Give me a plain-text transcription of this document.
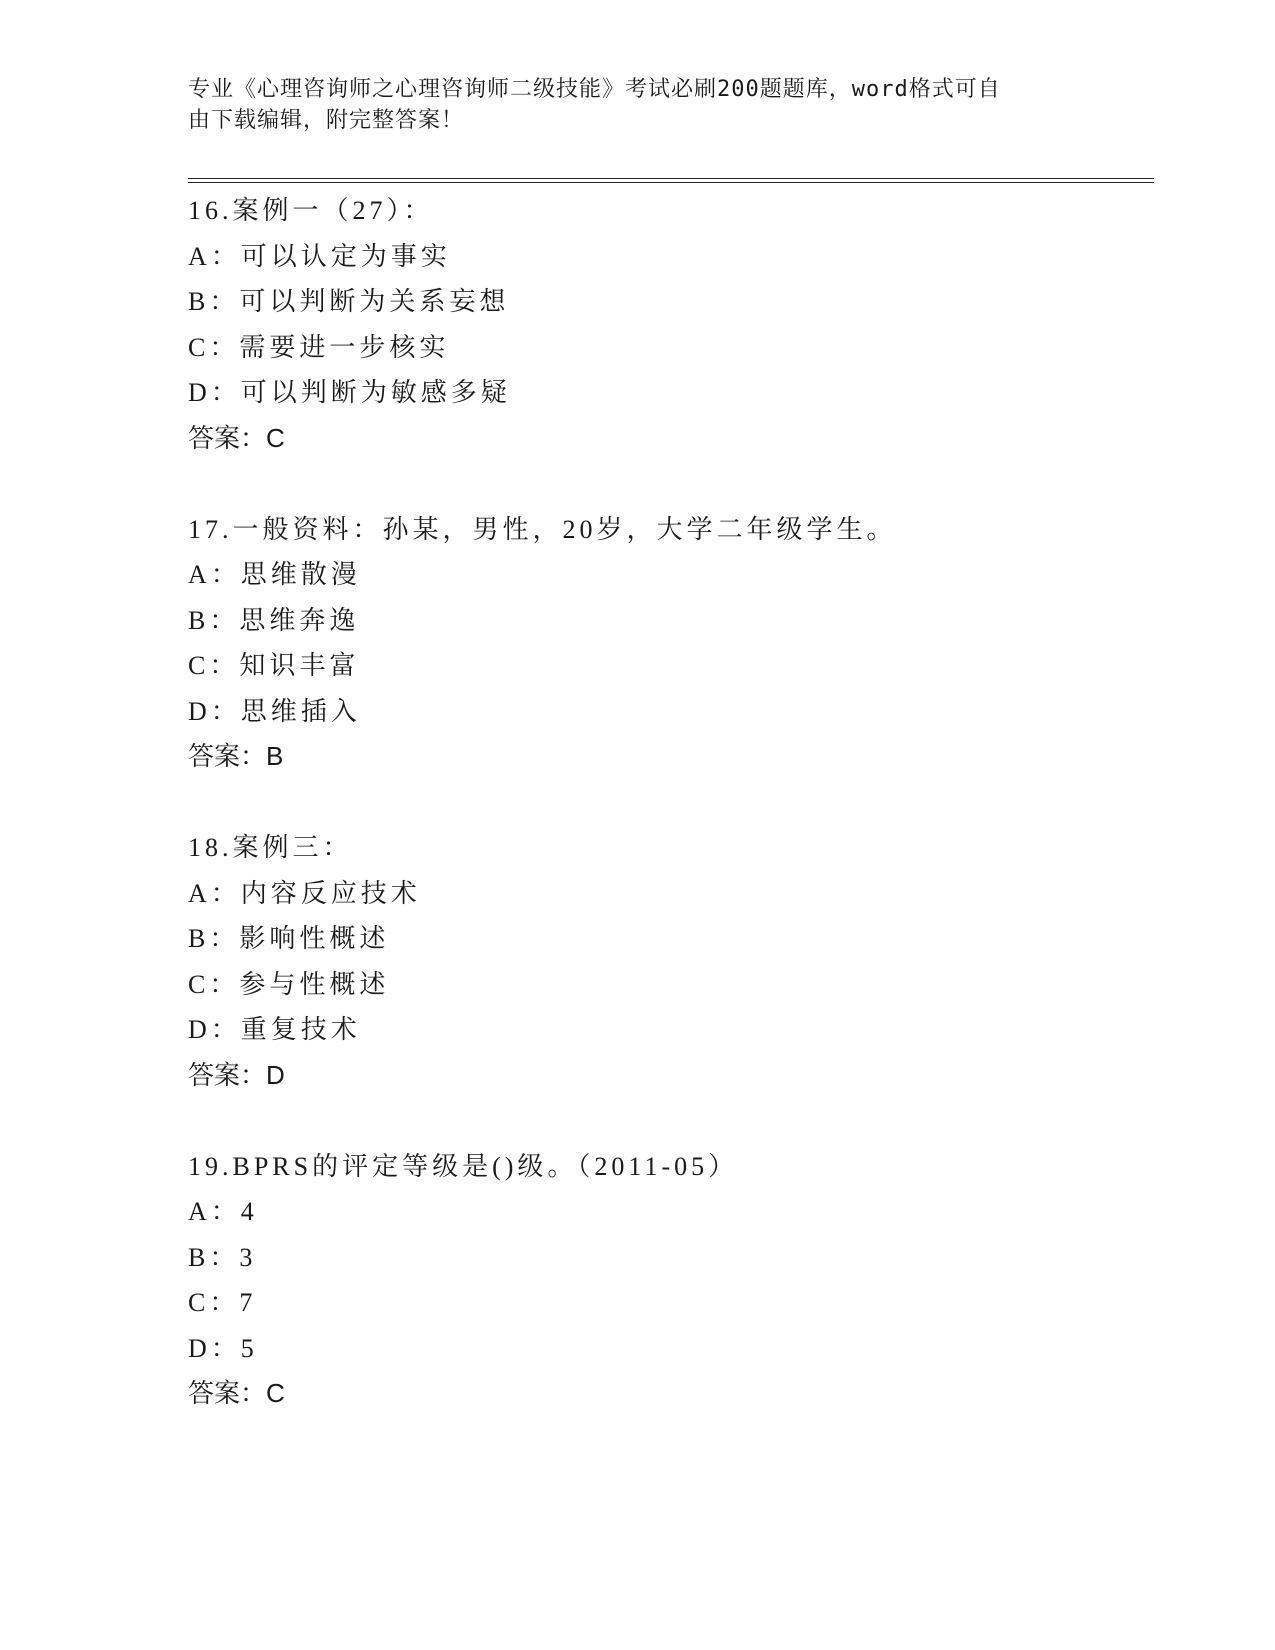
专业《心理咨询师之心理咨询师二级技能》考试必刷200题题库，word格式可自
由下载编辑，附完整答案！
16.案例一（27）：
A：可以认定为事实
B：可以判断为关系妄想
C：需要进一步核实
D：可以判断为敏感多疑
答案：C
17.一般资料：孙某，男性，20岁，大学二年级学生。
A：思维散漫
B：思维奔逸
C：知识丰富
D：思维插入
答案：B
18.案例三：
A：内容反应技术
B：影响性概述
C：参与性概述
D：重复技术
答案：D
19.BPRS的评定等级是()级。（2011-05）
A：4
B：3
C：7
D：5
答案：C
